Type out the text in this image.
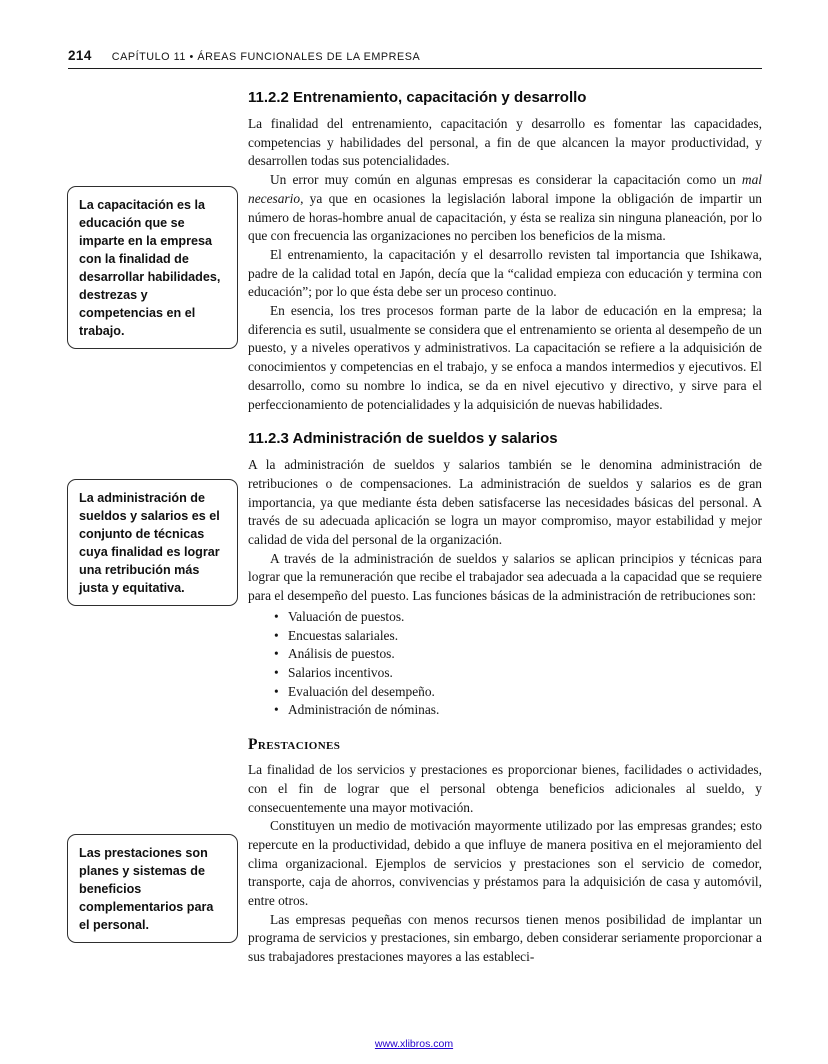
214 CAPÍTULO 11 • ÁREAS FUNCIONALES DE LA EMPRESA
La capacitación es la educación que se imparte en la empresa con la finalidad de desarrollar habilidades, destrezas y competencias en el trabajo.
La administración de sueldos y salarios es el conjunto de técnicas cuya finalidad es lograr una retribución más justa y equitativa.
Las prestaciones son planes y sistemas de beneficios complementarios para el personal.
11.2.2 Entrenamiento, capacitación y desarrollo

La finalidad del entrenamiento, capacitación y desarrollo es fomentar las capacidades, competencias y habilidades del personal, a fin de que alcancen la mayor productividad, y desarrollen todas sus potencialidades.

Un error muy común en algunas empresas es considerar la capacitación como un mal necesario, ya que en ocasiones la legislación laboral impone la obligación de impartir un número de horas-hombre anual de capacitación, y ésta se realiza sin ninguna planeación, por lo que con frecuencia las organizaciones no perciben los beneficios de la misma.

El entrenamiento, la capacitación y el desarrollo revisten tal importancia que Ishikawa, padre de la calidad total en Japón, decía que la “calidad empieza con educación y termina con educación”; por lo que ésta debe ser un proceso continuo.

En esencia, los tres procesos forman parte de la labor de educación en la empresa; la diferencia es sutil, usualmente se considera que el entrenamiento se orienta al desempeño de un puesto, y a niveles operativos y administrativos. La capacitación se refiere a la adquisición de conocimientos y competencias en el trabajo, y se enfoca a mandos intermedios y ejecutivos. El desarrollo, como su nombre lo indica, se da en nivel ejecutivo y directivo, y sirve para el perfeccionamiento de potencialidades y la adquisición de nuevas habilidades.

11.2.3 Administración de sueldos y salarios

A la administración de sueldos y salarios también se le denomina administración de retribuciones o de compensaciones. La administración de sueldos y salarios es de gran importancia, ya que mediante ésta deben satisfacerse las necesidades básicas del personal. A través de su adecuada aplicación se logra un mayor compromiso, mayor estabilidad y mejor calidad de vida del personal de la organización.

A través de la administración de sueldos y salarios se aplican principios y técnicas para lograr que la remuneración que recibe el trabajador sea adecuada a la capacidad que se requiere para el desempeño del puesto. Las funciones básicas de la administración de retribuciones son:

• Valuación de puestos.
• Encuestas salariales.
• Análisis de puestos.
• Salarios incentivos.
• Evaluación del desempeño.
• Administración de nóminas.
Prestaciones

La finalidad de los servicios y prestaciones es proporcionar bienes, facilidades o actividades, con el fin de lograr que el personal obtenga beneficios adicionales al sueldo, y consecuentemente una mayor motivación.

Constituyen un medio de motivación mayormente utilizado por las empresas grandes; esto repercute en la productividad, debido a que influye de manera positiva en el mejoramiento del clima organizacional. Ejemplos de servicios y prestaciones son el servicio de comedor, transporte, caja de ahorros, convivencias y préstamos para la adquisición de casa y automóvil, entre otros.

Las empresas pequeñas con menos recursos tienen menos posibilidad de implantar un programa de servicios y prestaciones, sin embargo, deben considerar seriamente proporcionar a sus trabajadores prestaciones mayores a las estableci-

www.xlibros.com
